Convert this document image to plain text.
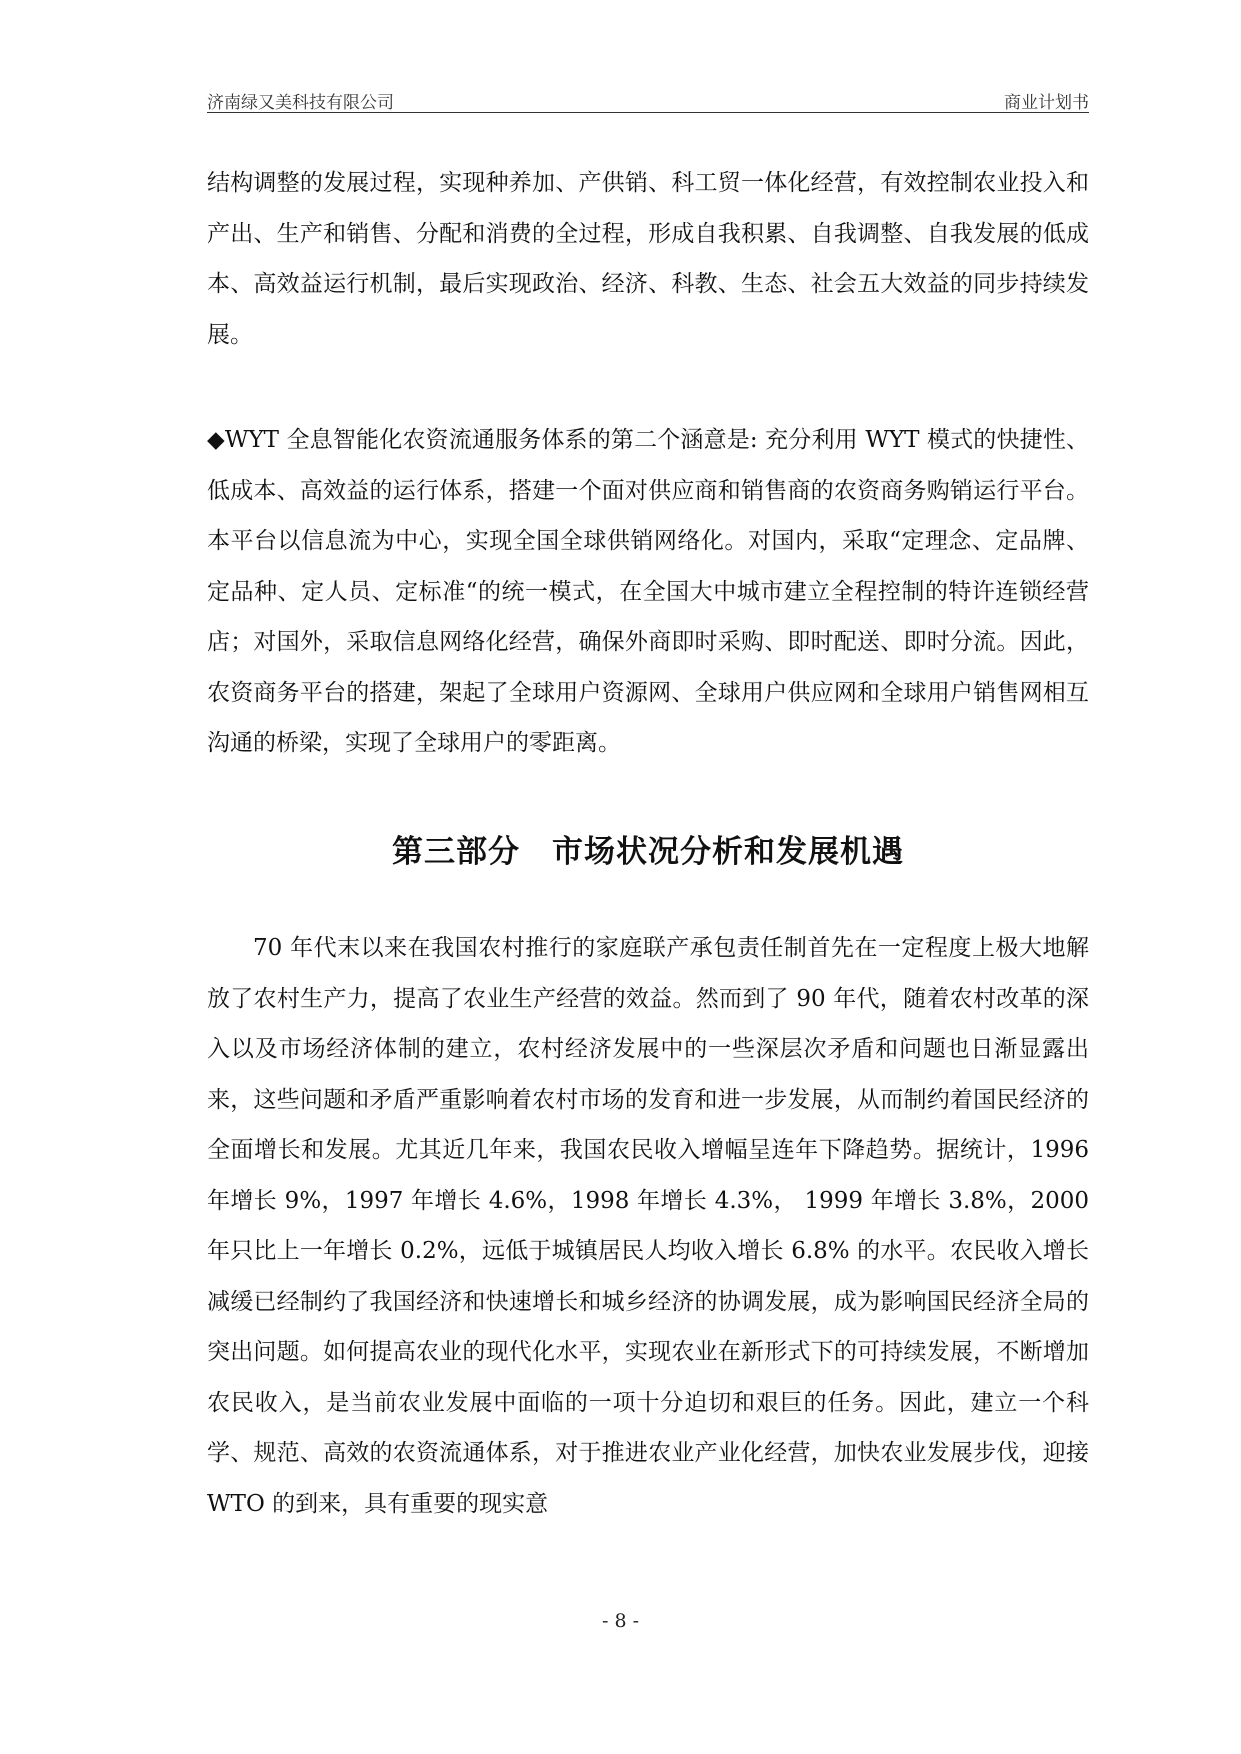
济南绿又美科技有限公司	商业计划书
结构调整的发展过程，实现种养加、产供销、科工贸一体化经营，有效控制农业投入和产出、生产和销售、分配和消费的全过程，形成自我积累、自我调整、自我发展的低成本、高效益运行机制，最后实现政治、经济、科教、生态、社会五大效益的同步持续发展。
◆WYT 全息智能化农资流通服务体系的第二个涵意是: 充分利用 WYT 模式的快捷性、低成本、高效益的运行体系，搭建一个面对供应商和销售商的农资商务购销运行平台。本平台以信息流为中心，实现全国全球供销网络化。对国内，采取“定理念、定品牌、定品种、定人员、定标准“的统一模式，在全国大中城市建立全程控制的特许连锁经营店；对国外，采取信息网络化经营，确保外商即时采购、即时配送、即时分流。因此，农资商务平台的搭建，架起了全球用户资源网、全球用户供应网和全球用户销售网相互沟通的桥梁，实现了全球用户的零距离。
第三部分　市场状况分析和发展机遇
70 年代末以来在我国农村推行的家庭联产承包责任制首先在一定程度上极大地解放了农村生产力，提高了农业生产经营的效益。然而到了 90 年代，随着农村改革的深入以及市场经济体制的建立，农村经济发展中的一些深层次矛盾和问题也日渐显露出来，这些问题和矛盾严重影响着农村市场的发育和进一步发展，从而制约着国民经济的全面增长和发展。尤其近几年来，我国农民收入增幅呈连年下降趋势。据统计，1996 年增长 9%，1997 年增长 4.6%，1998 年增长 4.3%， 1999 年增长 3.8%，2000 年只比上一年增长 0.2%，远低于城镇居民人均收入增长 6.8% 的水平。农民收入增长减缓已经制约了我国经济和快速增长和城乡经济的协调发展，成为影响国民经济全局的突出问题。如何提高农业的现代化水平，实现农业在新形式下的可持续发展，不断增加农民收入，是当前农业发展中面临的一项十分迫切和艰巨的任务。因此，建立一个科学、规范、高效的农资流通体系，对于推进农业产业化经营，加快农业发展步伐，迎接 WTO 的到来，具有重要的现实意
- 8 -
